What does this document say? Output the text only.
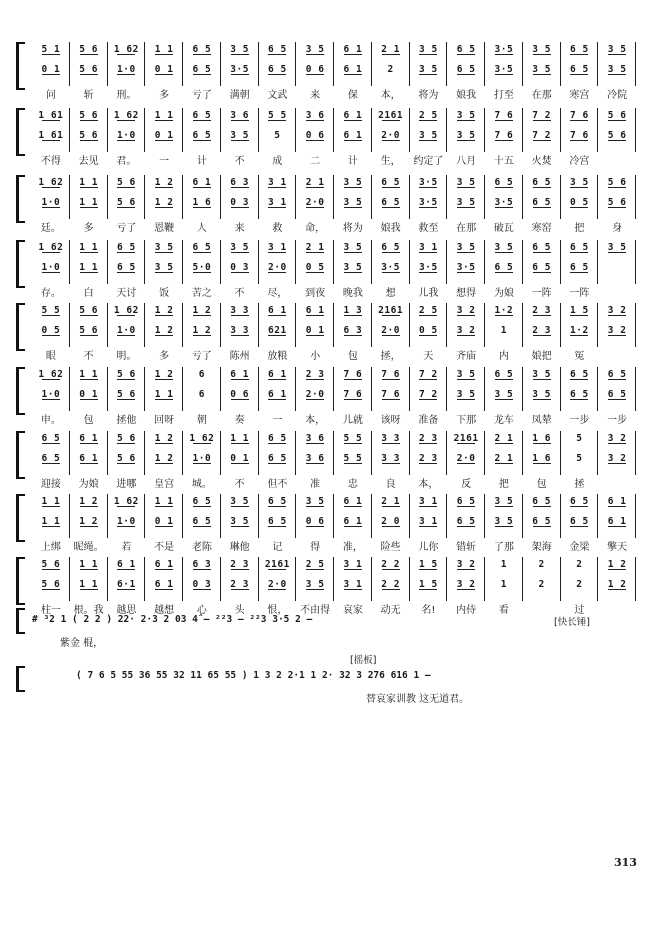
5 1	5 6	1 62	1 1	6 5	3 5	6 5	3 5	6 1	2 1	3 5	6 5	3·5	3 5	6 5	3 5
0 1	5 6	1·0	0 1	6 5	3·5	6 5	0 6	6 1	2	3 5	6 5	3·5	3 5	6 5	3 5
问	斩	刑。	多	亏了	满朝	文武	来	保	本，	将为	娘我	打至	在那	寒宫	冷院
1 61	5 6	1 62	1 1	6 5	3 6	5 5	3 6	6 1	2161	2 5	3 5	7 6	7 2	7 6	5 6
1 61	5 6	1·0	0 1	6 5	3 5	5	0 6	6 1	2·0	3 5	3 5	7 6	7 2	7 6	5 6
不得	去见	君。	一	计	不	成	二	计	生，	约定了	八月	十五	火焚	冷宫
1 62	1 1	5 6	1 2	6 1	6 3	3 1	2 1	3 5	6 5	3·5	3 5	6 5	6 5	3 5	5 6
1·0	1 1	5 6	1 2	1 6	0 3	3 1	2·0	3 5	6 5	3·5	3 5	3·5	6 5	0 5	5 6
廷。	多	亏了	恩鞭	人	来	救	命，	将为	娘我	救至	在那	破瓦	寒窑	把	身
1 62	1 1	6 5	3 5	6 5	3 5	3 1	2 1	3 5	6 5	3 1	3 5	3 5	6 5	6 5	3 5
1·0	1 1	6 5	3 5	5·0	0 3	2·0	0 5	3 5	3·5	3·5	3·5	6 5	6 5	6 5
存。	白	天讨	饭	苦之	不	尽，	到夜	晚我	想	儿我	想得	为娘	一阵	一阵
5 5	5 6	1 62	1 2	1 2	3 3	6 1	6 1	1 3	2161	2 5	3 2	1·2	2 3	1 5	3 2
0 5	5 6	1·0	1 2	1 2	3 3	621	0 1	6 3	2·0	0 5	3 2	1	2 3	1·2	3 2
眼	不	明。	多	亏了	陈州	放粮	小	包	拯，	天	齐庙	内	娘把	冤
1 62	1 1	5 6	1 2	6	6 1	6 1	2 3	7 6	7 6	7 2	3 5	6 5	3 5	6 5	6 5
1·0	0 1	5 6	1 1	6	0 6	6 1	2·0	7 6	7 6	7 2	3 5	3 5	3 5	6 5	6 5
申。	包	拯他	回呀	朝	奏	一	本，	儿就	该呀	准备	下那	龙车	凤辇	一步	一步
6 5	6 1	5 6	1 2	1 62	1 1	6 5	3 6	5 5	3 3	2 3	2161	2 1	1 6	5	3 2
6 5	6 1	5 6	1 2	1·0	0 1	6 5	3 6	5 5	3 3	2 3	2·0	2 1	1 6	5	3 2
迎接	为娘	进哪	皇宫	城。	不	但不	准	忠	良	本，	反	把	包	拯
1 1	1 2	1 62	1 1	6 5	3 5	6 5	3 5	6 1	2 1	3 1	6 5	3 5	6 5	6 5	6 1
1 1	1 2	1·0	0 1	6 5	3 5	6 5	0 6	6 1	2 0	3 1	6 5	3 5	6 5	6 5	6 1
上绑	昵绳。	若	不是	老陈	琳他	记	得	准，	险些	儿你	错斩	了那	架海	金梁	擎天
5 6	1 1	6 1	6 1	6 3	2 3	2161	2 5	3 1	2 2	1 5	3 2	1	2	2	1 2
5 6	1 1	6·1	6 1	0 3	2 3	2·0	3 5	3 1	2 2	1 5	3 2	1	2	2	1 2
柱一	根。我	越思	越想	心	头	恨，	不由得	哀家	动无	名!	内侍	看	过
# ³2 1 ( 2 2 ) 22· 2·3 2 03 4̂ — ²²3 — ²²3 3·5 2 —
紫金 棍，
[快长锤]
[摇板]
( 7 6 5 55 36 55 32 11 65 55 ) 1 3 2 2·1 1 2· 32 3 276 616 1 —
替哀家训教 这无道君。
313
